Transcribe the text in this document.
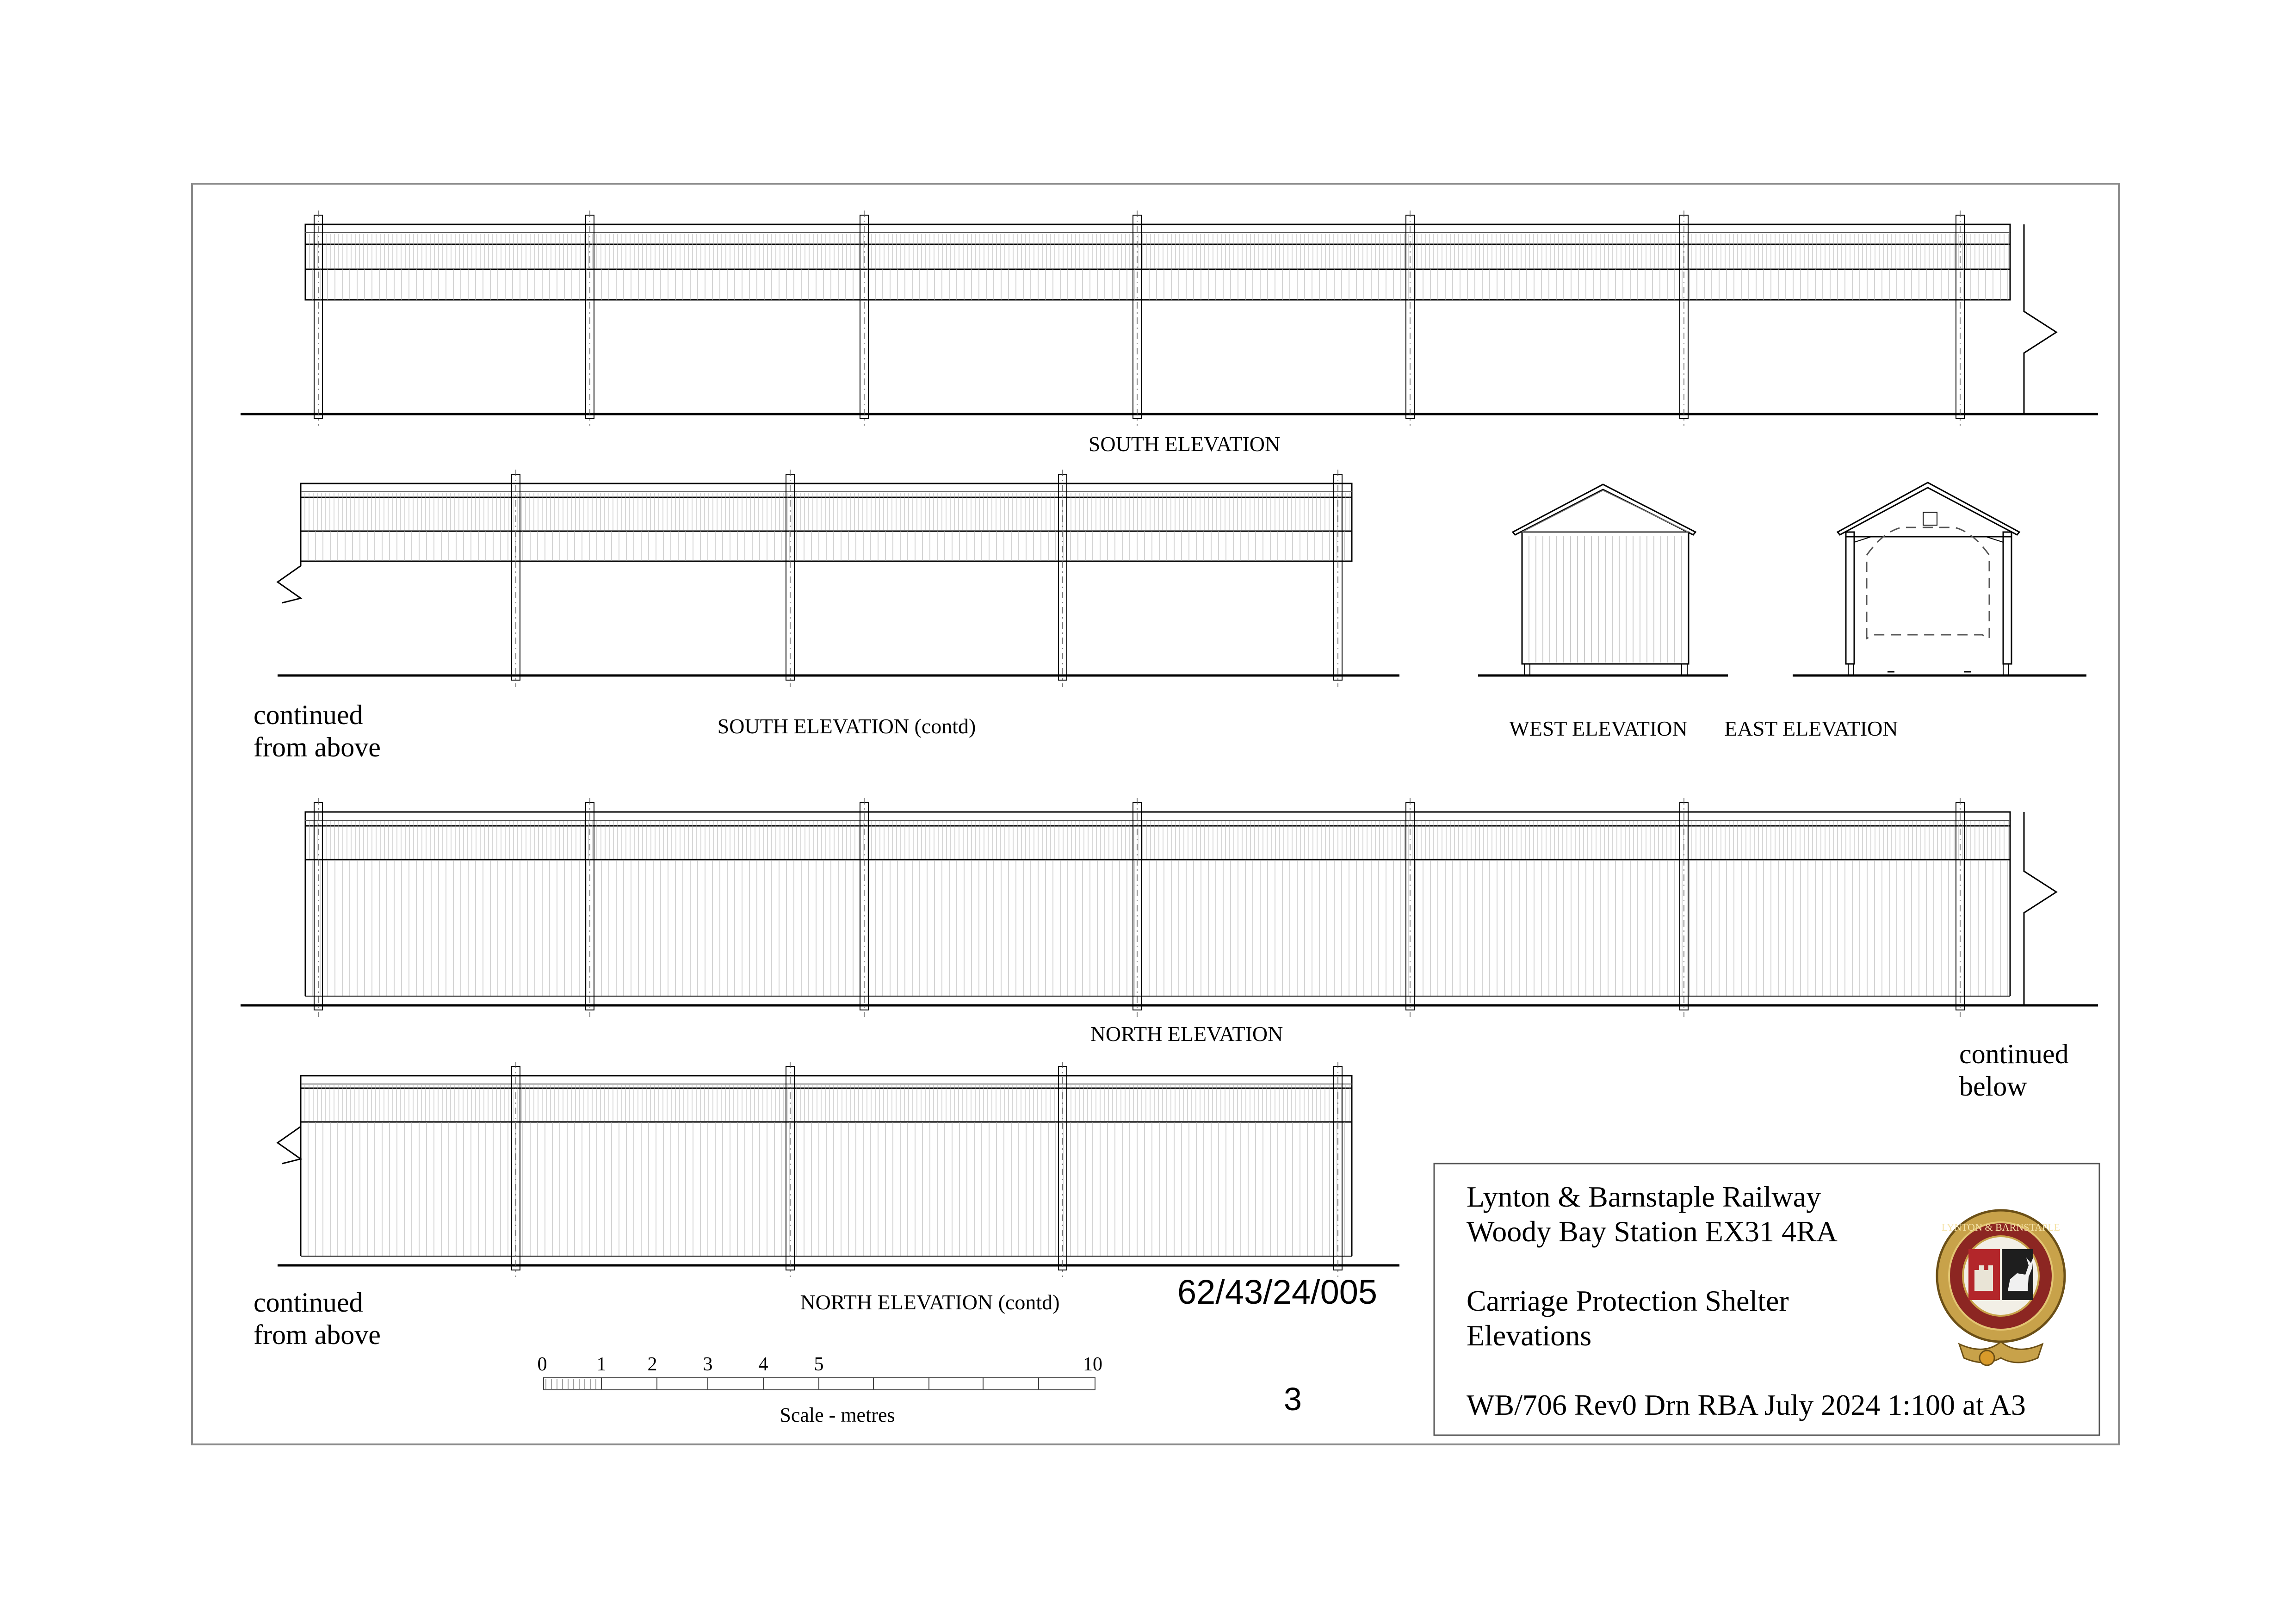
SOUTH ELEVATION
SOUTH ELEVATION (contd)
continued from above
WEST ELEVATION EAST ELEVATION
NORTH ELEVATION
continued below
NORTH ELEVATION (contd)
continued from above
62/43/24/005
3
0	1 2 3 4 5	10
Scale - metres
Lynton & Barnstaple Railway
Woody Bay Station EX31 4RA
Carriage Protection Shelter
Elevations
WB/706 Rev0 Drn RBA July 2024 1:100 at A3
LYNTON & BARNSTAPLE
